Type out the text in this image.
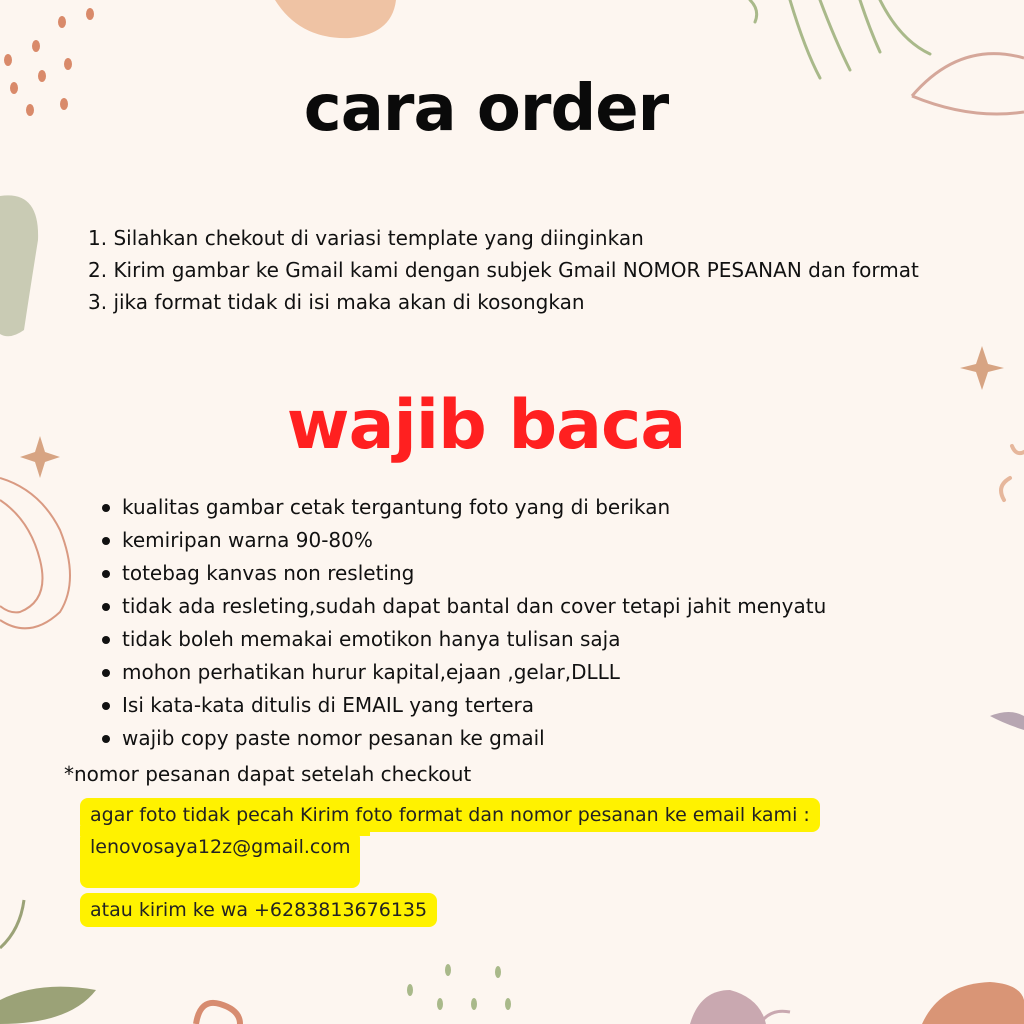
cara order
1. Silahkan chekout di variasi template yang diinginkan
2. Kirim gambar ke Gmail kami dengan subjek Gmail NOMOR PESANAN dan format
3. jika format tidak di isi maka akan di kosongkan
wajib baca
kualitas gambar cetak tergantung foto yang di berikan
kemiripan warna 90-80%
totebag kanvas non resleting
tidak ada resleting,sudah dapat bantal dan cover tetapi jahit menyatu
tidak boleh memakai emotikon hanya tulisan saja
mohon perhatikan hurur kapital,ejaan ,gelar,DLLL
Isi kata-kata ditulis di EMAIL yang tertera
wajib copy paste nomor pesanan ke gmail
*nomor pesanan dapat setelah checkout
agar foto tidak pecah Kirim foto format dan nomor pesanan ke email kami :
lenovosaya12z@gmail.com
atau kirim ke wa +6283813676135
